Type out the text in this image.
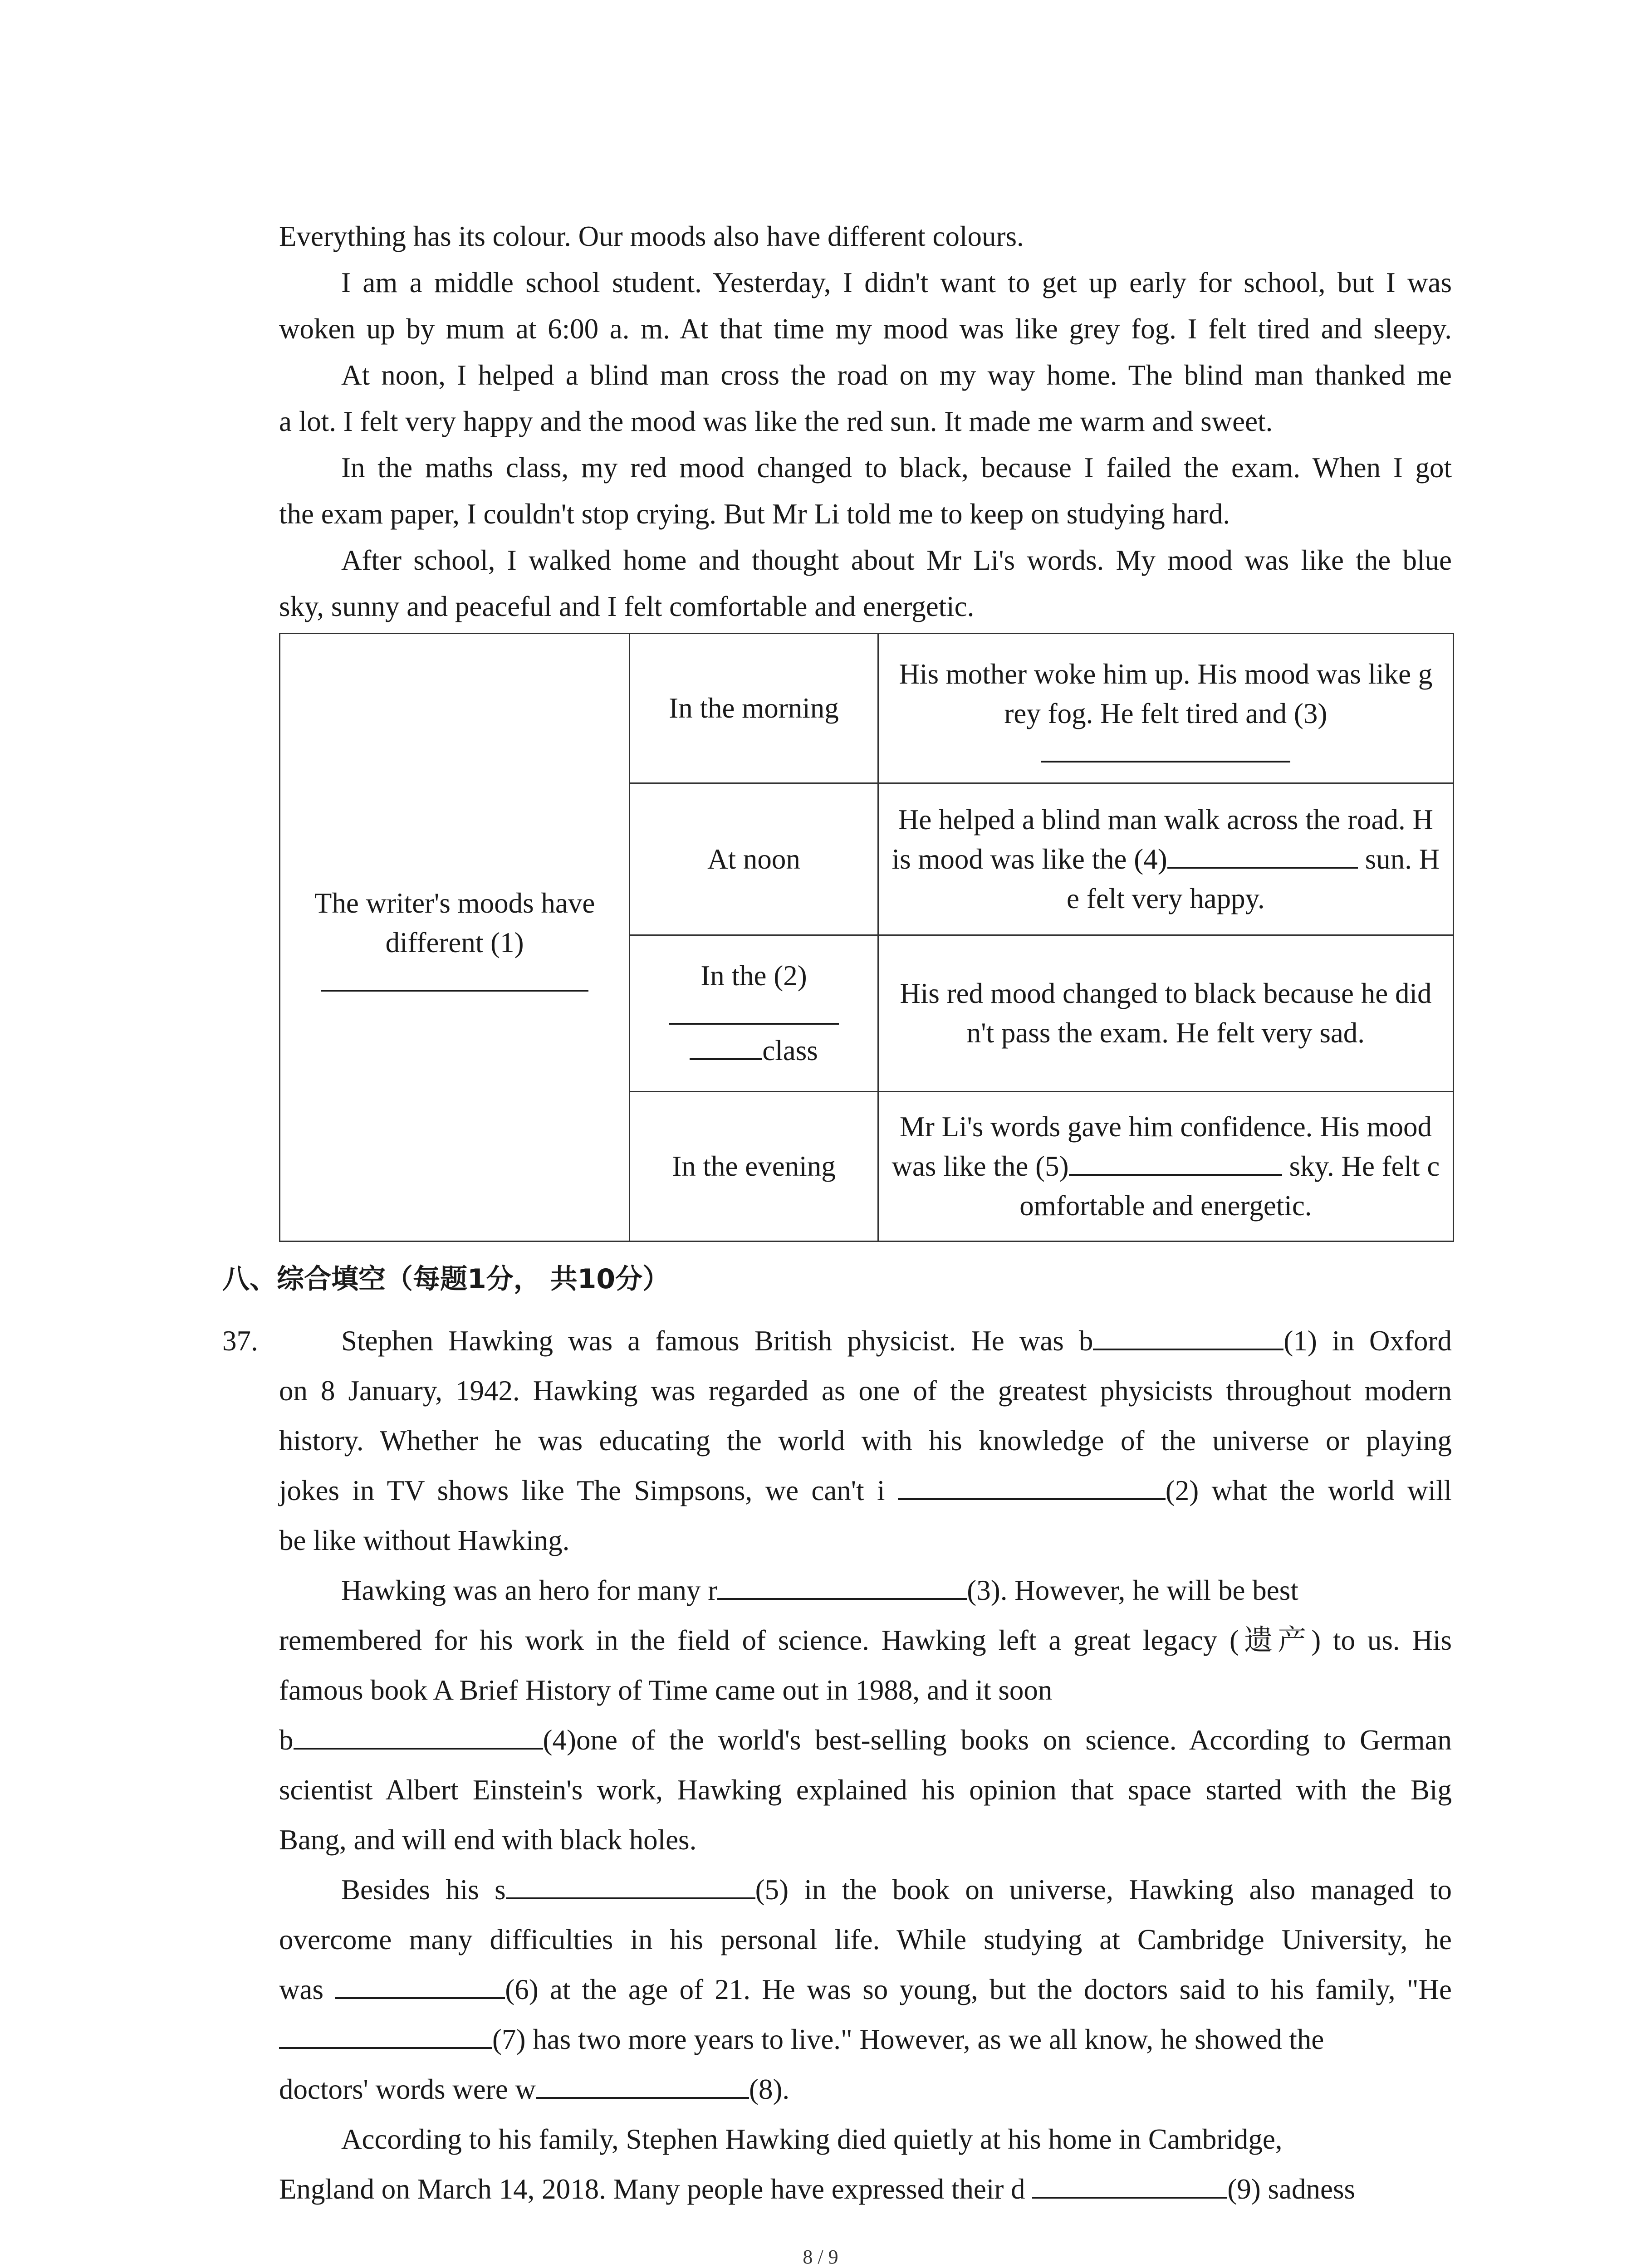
Everything has its colour. Our moods also have different colours.

I am a middle school student. Yesterday, I didn't want to get up early for school, but I was

woken up by mum at 6:00 a. m. At that time my mood was like grey fog. I felt tired and sleepy.

At noon, I helped a blind man cross the road on my way home. The blind man thanked me

a lot. I felt very happy and the mood was like the red sun. It made me warm and sweet.

In the maths class, my red mood changed to black, because I failed the exam. When I got

the exam paper, I couldn't stop crying. But Mr Li told me to keep on studying hard.

After school, I walked home and thought about Mr Li's words. My mood was like the blue

sky, sunny and peaceful and I felt comfortable and energetic.

The writer's moods have different (1)	In the morning	His mother woke him up. His mood was like g rey fog. He felt tired and (3)

	At noon	He helped a blind man walk across the road. H
is mood was like the (4) sun. H
e felt very happy.
	In the (2)
class	His red mood changed to black because he did n't pass the exam. He felt very sad.
	In the evening	Mr Li's words gave him confidence. His mood
was like the (5) sky. He felt c
omfortable and energetic.
八、综合填空（每题1分， 共10分）
37.	Stephen Hawking was a famous British physicist. He was b	(1) in Oxford

on 8 January, 1942. Hawking was regarded as one of the greatest physicists throughout modern

history. Whether he was educating the world with his knowledge of the universe or playing

jokes in TV shows like The Simpsons, we can't i	(2) what the world will

be like without Hawking.

Hawking was an hero for many r	(3). However, he will be best

remembered for his work in the field of science. Hawking left a great legacy (遗产) to us. His

famous book A Brief History of Time came out in 1988, and it soon

b	(4)one of the world's best-selling books on science. According to German

scientist Albert Einstein's work, Hawking explained his opinion that space started with the Big

Bang, and will end with black holes.

Besides his s	(5) in the book on universe, Hawking also managed to

overcome many difficulties in his personal life. While studying at Cambridge University, he

was	(6) at the age of 21. He was so young, but the doctors said to his family, "He

(7) has two more years to live." However, as we all know, he showed the

doctors' words were w	(8).

According to his family, Stephen Hawking died quietly at his home in Cambridge,

England on March 14, 2018. Many people have expressed their d	(9) sadness

8 / 9
